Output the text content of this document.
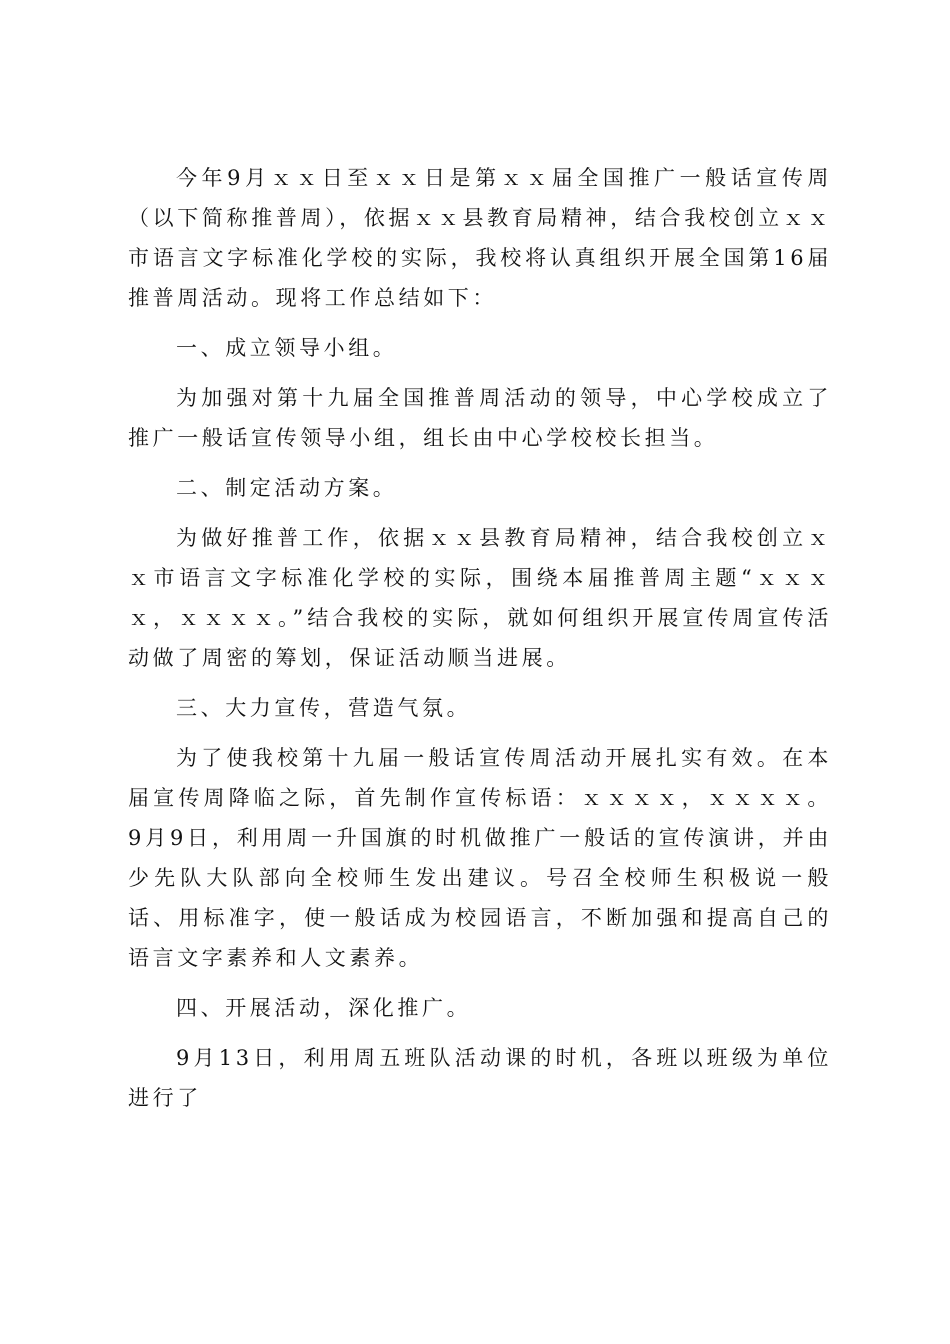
今年9月ｘｘ日至ｘｘ日是第ｘｘ届全国推广一般话宣传周（以下简称推普周），依据ｘｘ县教育局精神，结合我校创立ｘｘ市语言文字标准化学校的实际，我校将认真组织开展全国第16届推普周活动。现将工作总结如下：

一、成立领导小组。

为加强对第十九届全国推普周活动的领导，中心学校成立了推广一般话宣传领导小组，组长由中心学校校长担当。

二、制定活动方案。

为做好推普工作，依据ｘｘ县教育局精神，结合我校创立ｘｘ市语言文字标准化学校的实际，围绕本届推普周主题“ｘｘｘｘ，ｘｘｘｘ。”结合我校的实际，就如何组织开展宣传周宣传活动做了周密的筹划，保证活动顺当进展。

三、大力宣传，营造气氛。

为了使我校第十九届一般话宣传周活动开展扎实有效。在本届宣传周降临之际，首先制作宣传标语：ｘｘｘｘ，ｘｘｘｘ。9月9日，利用周一升国旗的时机做推广一般话的宣传演讲，并由少先队大队部向全校师生发出建议。号召全校师生积极说一般话、用标准字，使一般话成为校园语言，不断加强和提高自己的语言文字素养和人文素养。

四、开展活动，深化推广。

9月13日，利用周五班队活动课的时机，各班以班级为单位进行了
